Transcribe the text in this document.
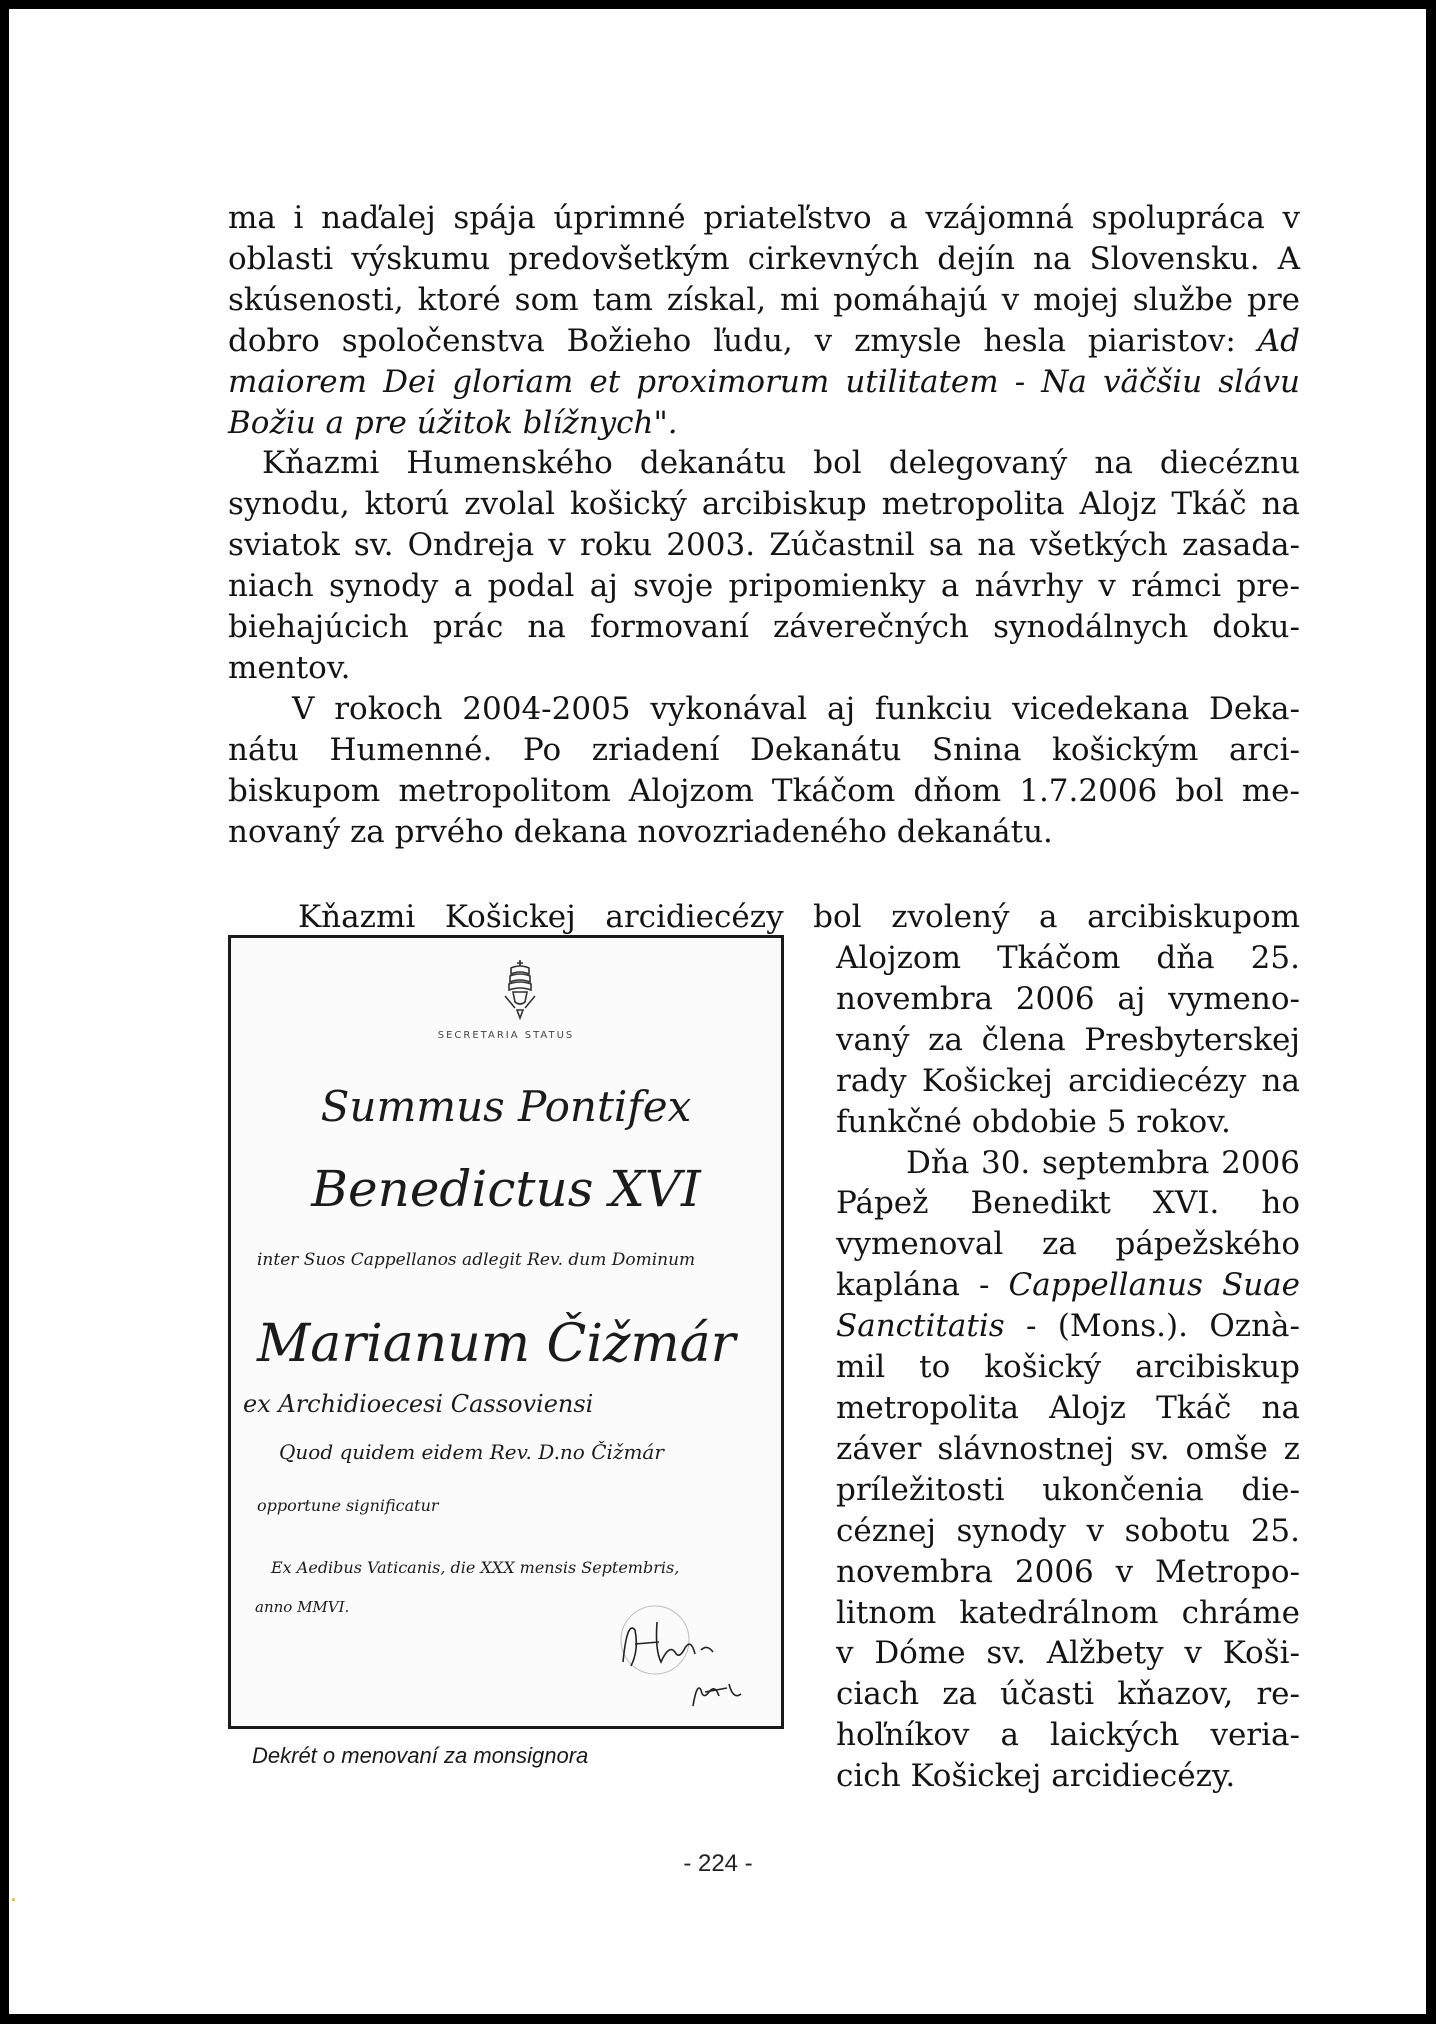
ma i naďalej spája úprimné priateľstvo a vzájomná spolupráca v
oblasti výskumu predovšetkým cirkevných dejín na Slovensku. A
skúsenosti, ktoré som tam získal, mi pomáhajú v mojej službe pre
dobro spoločenstva Božieho ľudu, v zmysle hesla piaristov: Ad
maiorem Dei gloriam et proximorum utilitatem - Na väčšiu slávu
Božiu a pre úžitok blížnych".

Kňazmi Humenského dekanátu bol delegovaný na diecéznu
synodu, ktorú zvolal košický arcibiskup metropolita Alojz Tkáč na
sviatok sv. Ondreja v roku 2003. Zúčastnil sa na všetkých zasada-
niach synody a podal aj svoje pripomienky a návrhy v rámci pre-
biehajúcich prác na formovaní záverečných synodálnych doku-
mentov.

V rokoch 2004-2005 vykonával aj funkciu vicedekana Deka-
nátu Humenné. Po zriadení Dekanátu Snina košickým arci-
biskupom metropolitom Alojzom Tkáčom dňom 1.7.2006 bol me-
novaný za prvého dekana novozriadeného dekanátu.

Kňazmi Košickej arcidiecézy bol zvolený a arcibiskupom
Alojzom Tkáčom dňa 25.
novembra 2006 aj vymeno-
vaný za člena Presbyterskej
rady Košickej arcidiecézy na
funkčné obdobie 5 rokov.
Dňa 30. septembra 2006
Pápež Benedikt XVI. ho
vymenoval za pápežského
kaplána - Cappellanus Suae
Sanctitatis - (Mons.). Oznà-
mil to košický arcibiskup
metropolita Alojz Tkáč na
záver slávnostnej sv. omše z
príležitosti ukončenia die-
céznej synody v sobotu 25.
novembra 2006 v Metropo-
litnom katedrálnom chráme
v Dóme sv. Alžbety v Koši-
ciach za účasti kňazov, re-
hoľníkov a laických veria-
cich Košickej arcidiecézy.
SECRETARIA STATUS
Summus Pontifex
Benedictus XVI
inter Suos Cappellanos adlegit Rev. dum Dominum
Marianum Čižmár
ex Archidioecesi Cassoviensi
Quod quidem eidem Rev. D.no Čižmár
opportune significatur
Ex Aedibus Vaticanis, die XXX mensis Septembris,
anno MMVI.
Dekrét o menovaní za monsignora
- 224 -
